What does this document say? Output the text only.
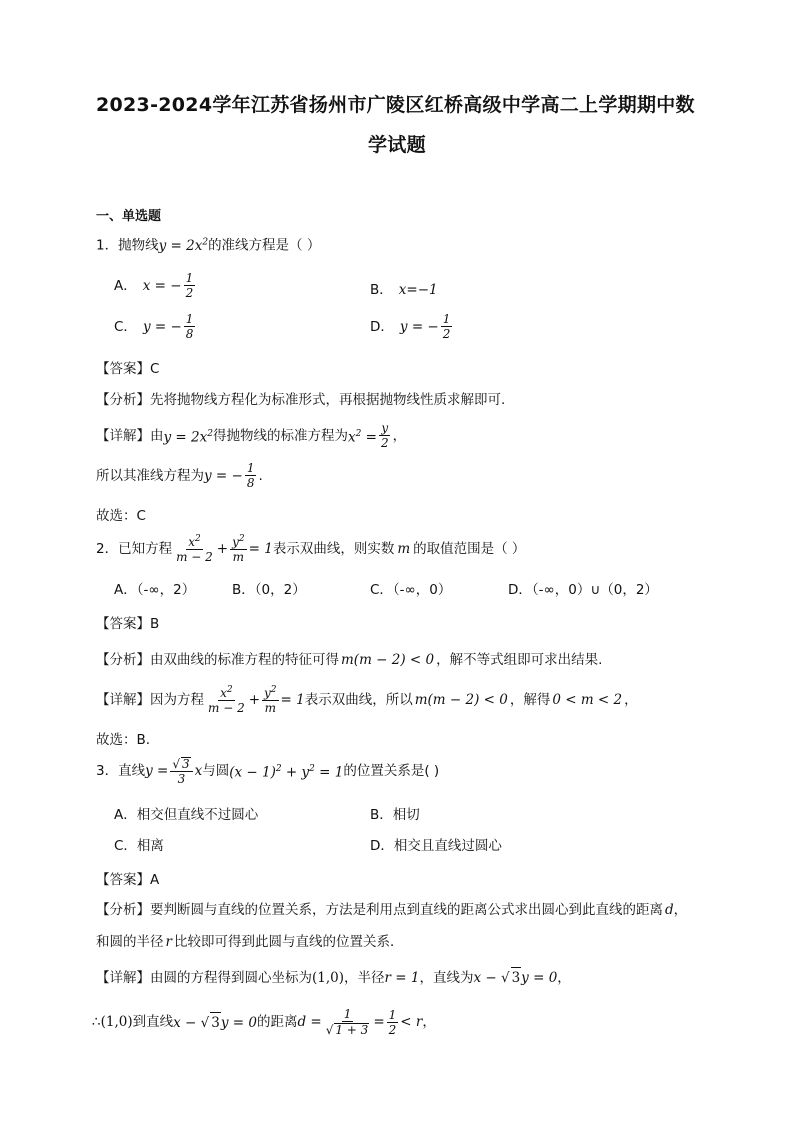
2023-2024学年江苏省扬州市广陵区红桥高级中学高二上学期期中数
学试题
一、单选题
1．抛物线$y = 2x^2$的准线方程是（ ）
A． x = − $\frac{1}{2}$	B． x=−1
C． y = − $\frac{1}{8}$	D． y = − $\frac{1}{2}$
【答案】C
【分析】先将抛物线方程化为标准形式，再根据抛物线性质求解即可.
【详解】 由 $y = 2x^2$ 得抛物线的标准方程为 $x^2 = \frac{y}{2}$ ，
所以其准线方程为 y = − $\frac{1}{8}$ .
故选：C
2．已知方程 $\frac{x^2}{m - 2} + \frac{y^2}{m} = 1$ 表示双曲线，则实数 m 的取值范围是（ ）
A．（-∞，2）	B．（0，2）	C．（-∞，0）	D．（-∞，0）∪（0，2）
【答案】B
【分析】 由双曲线的标准方程的特征可得 m(m − 2) < 0 ，解不等式组即可求出结果.
【详解】 因为方程 $\frac{x^2}{m - 2} + \frac{y^2}{m} = 1$ 表示双曲线，所以 m(m − 2) < 0 ，解得 0 < m < 2 ，
故选：B.
3．直线 $y = \frac{√ 3}{3}$ x 与圆 $(x - 1)^2 + y^2 = 1$ 的位置关系是( )
A．相交但直线不过圆心	B．相切
C．相离	D．相交且直线过圆心
【答案】A
【分析】要判断圆与直线的位置关系，方法是利用点到直线的距离公式求出圆心到此直线的距离 d，
和圆的半径 r 比较即可得到此圆与直线的位置关系．
【详解】 由圆的方程得到圆心坐标为 (1,0) ，半径 r = 1 ，直线为 x − √ 3y = 0 ，
∴ (1,0) 到直线 x − √ 3y = 0 的距离 $d = \frac{1}{√ 1 + 3} = \frac{1}{2} < r$ ，
